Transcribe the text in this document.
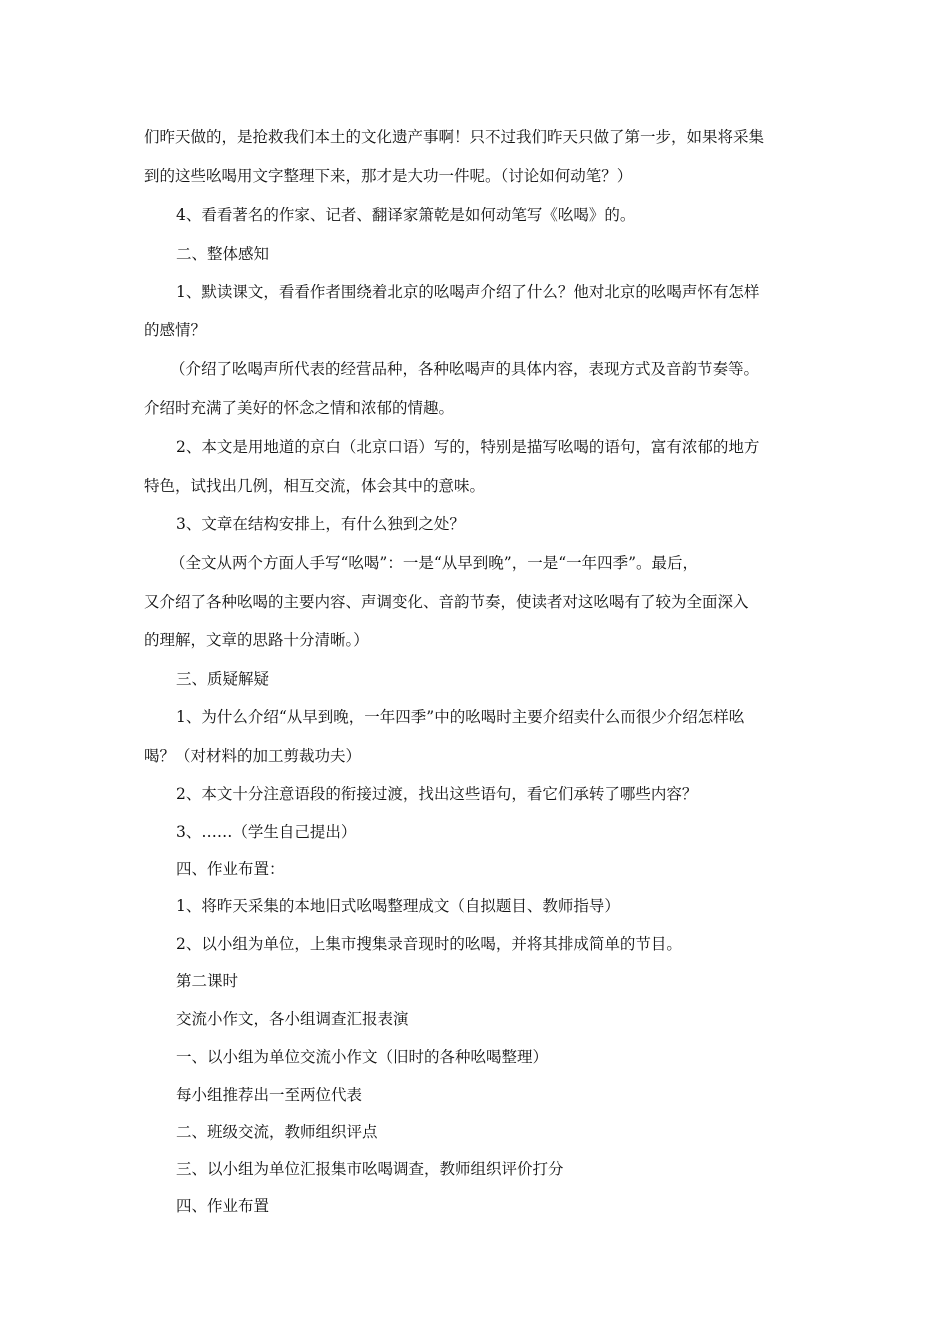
们昨天做的，是抢救我们本土的文化遗产事啊！只不过我们昨天只做了第一步，如果将采集
到的这些吆喝用文字整理下来，那才是大功一件呢。（讨论如何动笔？）
4、看看著名的作家、记者、翻译家箫乾是如何动笔写《吆喝》的。
二、整体感知
1、默读课文，看看作者围绕着北京的吆喝声介绍了什么？他对北京的吆喝声怀有怎样
的感情？
（介绍了吆喝声所代表的经营品种，各种吆喝声的具体内容，表现方式及音韵节奏等。
介绍时充满了美好的怀念之情和浓郁的情趣。
2、本文是用地道的京白（北京口语）写的，特别是描写吆喝的语句，富有浓郁的地方
特色，试找出几例，相互交流，体会其中的意味。
3、文章在结构安排上，有什么独到之处？
（全文从两个方面人手写“吆喝”：一是“从早到晚”，一是“一年四季”。最后，
又介绍了各种吆喝的主要内容、声调变化、音韵节奏，使读者对这吆喝有了较为全面深入
的理解，文章的思路十分清晰。）
三、质疑解疑
1、为什么介绍“从早到晚，一年四季”中的吆喝时主要介绍卖什么而很少介绍怎样吆
喝？（对材料的加工剪裁功夫）
2、本文十分注意语段的衔接过渡，找出这些语句，看它们承转了哪些内容？
3、……（学生自己提出）
四、作业布置：
1、将昨天采集的本地旧式吆喝整理成文（自拟题目、教师指导）
2、以小组为单位，上集市搜集录音现时的吆喝，并将其排成简单的节目。
第二课时
交流小作文，各小组调查汇报表演
一、以小组为单位交流小作文（旧时的各种吆喝整理）
每小组推荐出一至两位代表
二、班级交流，教师组织评点
三、以小组为单位汇报集市吆喝调查，教师组织评价打分
四、作业布置
